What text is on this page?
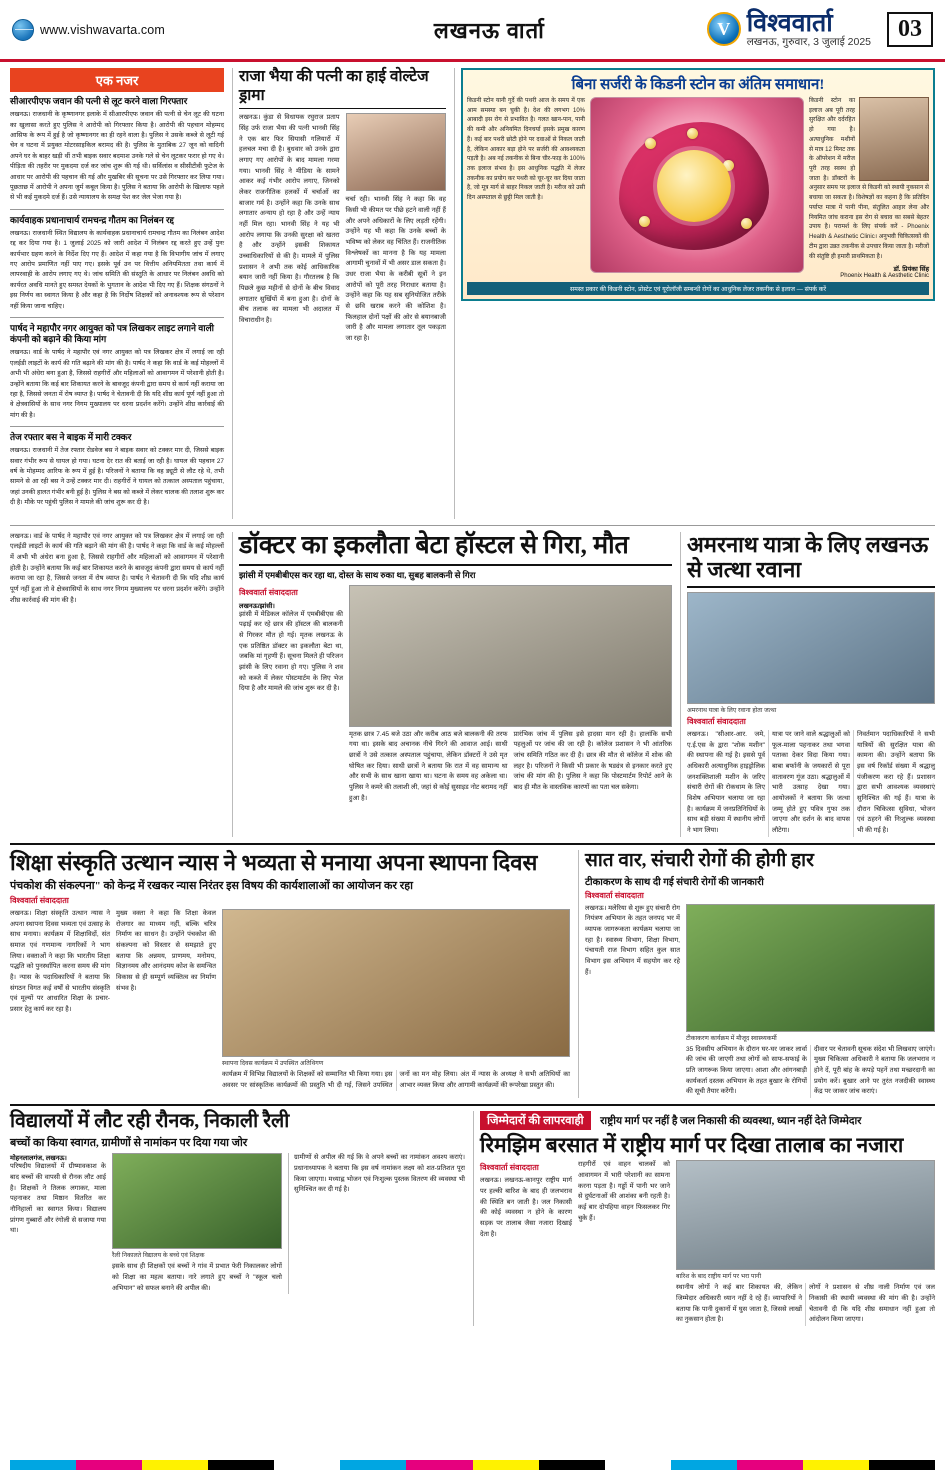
www.vishwavarta.com	लखनऊ वार्ता	V विश्ववार्ता
लखनऊ, गुरुवार, 3 जुलाई 2025
03
एक नजर
सीआरपीएफ जवान की पत्नी से लूट करने वाला गिरफ्तार
लखनऊ। राजधानी के कृष्णानगर इलाके में सीआरपीएफ जवान की पत्नी से चेन लूट की घटना का खुलासा करते हुए पुलिस ने आरोपी को गिरफ्तार किया है। आरोपी की पहचान मोहम्मद आसिफ के रूप में हुई है जो कृष्णानगर का ही रहने वाला है। पुलिस ने उसके कब्जे से लूटी गई चेन व घटना में प्रयुक्त मोटरसाइकिल बरामद की है। पुलिस के मुताबिक 27 जून को वादिनी अपने घर के बाहर खड़ी थीं तभी बाइक सवार बदमाश उनके गले से चेन लूटकर फरार हो गए थे। पीड़िता की तहरीर पर मुकदमा दर्ज कर जांच शुरू की गई थी। सर्विलांस व सीसीटीवी फुटेज के आधार पर आरोपी की पहचान की गई और मुखबिर की सूचना पर उसे गिरफ्तार कर लिया गया। पूछताछ में आरोपी ने अपना जुर्म कबूल किया है। पुलिस ने बताया कि आरोपी के खिलाफ पहले से भी कई मुकदमे दर्ज हैं। उसे न्यायालय के समक्ष पेश कर जेल भेजा गया है।
कार्यवाहक प्रधानाचार्य रामचन्द्र गौतम का निलंबन रद्द
लखनऊ। राजधानी स्थित विद्यालय के कार्यवाहक प्रधानाचार्य रामचन्द्र गौतम का निलंबन आदेश रद्द कर दिया गया है। 1 जुलाई 2025 को जारी आदेश में निलंबन रद्द करते हुए उन्हें पुनः कार्यभार ग्रहण करने के निर्देश दिए गए हैं। आदेश में कहा गया है कि विभागीय जांच में लगाए गए आरोप प्रमाणित नहीं पाए गए। इसके पूर्व उन पर वित्तीय अनियमितता तथा कार्य में लापरवाही के आरोप लगाए गए थे। जांच समिति की संस्तुति के आधार पर निलंबन अवधि को कार्यरत अवधि मानते हुए समस्त देयकों के भुगतान के आदेश भी दिए गए हैं। शिक्षक संगठनों ने इस निर्णय का स्वागत किया है और कहा है कि निर्दोष शिक्षकों को अनावश्यक रूप से परेशान नहीं किया जाना चाहिए।
पार्षद ने महापौर नगर आयुक्त को पत्र लिखकर लाइट लगाने वाली कंपनी को बढ़ाने की किया मांग
लखनऊ। वार्ड के पार्षद ने महापौर एवं नगर आयुक्त को पत्र लिखकर क्षेत्र में लगाई जा रही एलईडी लाइटों के कार्य की गति बढ़ाने की मांग की है। पार्षद ने कहा कि वार्ड के कई मोहल्लों में अभी भी अंधेरा बना हुआ है, जिससे राहगीरों और महिलाओं को आवागमन में परेशानी होती है। उन्होंने बताया कि कई बार शिकायत करने के बावजूद कंपनी द्वारा समय से कार्य नहीं कराया जा रहा है, जिससे जनता में रोष व्याप्त है। पार्षद ने चेतावनी दी कि यदि शीघ्र कार्य पूर्ण नहीं हुआ तो वे क्षेत्रवासियों के साथ नगर निगम मुख्यालय पर धरना प्रदर्शन करेंगे। उन्होंने शीघ्र कार्रवाई की मांग की है।
तेज रफ्तार बस ने बाइक में मारी टक्कर
लखनऊ। राजधानी में तेज रफ्तार रोडवेज बस ने बाइक सवार को टक्कर मार दी, जिससे बाइक सवार गंभीर रूप से घायल हो गया। घटना देर रात की बताई जा रही है। घायल की पहचान 27 वर्ष के मोहम्मद आरिफ के रूप में हुई है। परिजनों ने बताया कि वह ड्यूटी से लौट रहे थे, तभी सामने से आ रही बस ने उन्हें टक्कर मार दी। राहगीरों ने घायल को तत्काल अस्पताल पहुंचाया, जहां उनकी हालत गंभीर बनी हुई है। पुलिस ने बस को कब्जे में लेकर चालक की तलाश शुरू कर दी है। मौके पर पहुंची पुलिस ने मामले की जांच शुरू कर दी है।
राजा भैया की पत्नी का हाई वोल्टेज ड्रामा
लखनऊ। कुंडा से विधायक रघुराज प्रताप सिंह उर्फ राजा भैया की पत्नी भानवी सिंह ने एक बार फिर सियासी गलियारों में हलचल मचा दी है। बुधवार को उनके द्वारा लगाए गए आरोपों के बाद मामला गरमा गया। भानवी सिंह ने मीडिया के सामने आकर कई गंभीर आरोप लगाए, जिनको लेकर राजनीतिक हलकों में चर्चाओं का बाजार गर्म है। उन्होंने कहा कि उनके साथ लगातार अन्याय हो रहा है और उन्हें न्याय नहीं मिल रहा। भानवी सिंह ने यह भी आरोप लगाया कि उनकी सुरक्षा को खतरा है और उन्होंने इसकी शिकायत उच्चाधिकारियों से की है। मामले में पुलिस प्रशासन ने अभी तक कोई आधिकारिक बयान जारी नहीं किया है। गौरतलब है कि पिछले कुछ महीनों से दोनों के बीच विवाद लगातार सुर्खियों में बना हुआ है। दोनों के बीच तलाक का मामला भी अदालत में विचाराधीन है।
चर्चा रही। भानवी सिंह ने कहा कि वह किसी भी कीमत पर पीछे हटने वाली नहीं हैं और अपने अधिकारों के लिए लड़ती रहेंगी। उन्होंने यह भी कहा कि उनके बच्चों के भविष्य को लेकर वह चिंतित हैं। राजनीतिक विश्लेषकों का मानना है कि यह मामला आगामी चुनावों में भी असर डाल सकता है। उधर राजा भैया के करीबी सूत्रों ने इन आरोपों को पूरी तरह निराधार बताया है। उन्होंने कहा कि यह सब सुनियोजित तरीके से छवि खराब करने की कोशिश है। फिलहाल दोनों पक्षों की ओर से बयानबाजी जारी है और मामला लगातार तूल पकड़ता जा रहा है।
बिना सर्जरी के किडनी स्टोन का अंतिम समाधान!
किडनी स्टोन यानी गुर्दे की पथरी आज के समय में एक आम समस्या बन चुकी है। देश की लगभग 10% आबादी इस रोग से प्रभावित है। गलत खान-पान, पानी की कमी और अनियमित दिनचर्या इसके प्रमुख कारण हैं। कई बार पथरी छोटी होने पर दवाओं से निकल जाती है, लेकिन आकार बड़ा होने पर सर्जरी की आवश्यकता पड़ती है। अब नई तकनीक से बिना चीर-फाड़ के 100% तक इलाज संभव है। इस आधुनिक पद्धति में लेजर तकनीक का प्रयोग कर पथरी को चूर-चूर कर दिया जाता है, जो मूत्र मार्ग से बाहर निकल जाती है। मरीज को उसी दिन अस्पताल से छुट्टी मिल जाती है।
किडनी स्टोन का इलाज अब पूरी तरह सुरक्षित और दर्दरहित हो गया है। अत्याधुनिक मशीनों से मात्र 12 मिनट तक के ऑपरेशन में मरीज पूरी तरह स्वस्थ हो जाता है। डॉक्टरों के अनुसार समय पर इलाज से किडनी को स्थायी नुकसान से बचाया जा सकता है। विशेषज्ञों का कहना है कि प्रतिदिन पर्याप्त मात्रा में पानी पीना, संतुलित आहार लेना और नियमित जांच कराना इस रोग से बचाव का सबसे बेहतर उपाय है। परामर्श के लिए संपर्क करें - Phoenix Health & Aesthetic Clinic। अनुभवी चिकित्सकों की टीम द्वारा उन्नत तकनीक से उपचार किया जाता है। मरीजों की संतुष्टि ही हमारी प्राथमिकता है।
डॉ. प्रियंका सिंह
Phoenix Health & Aesthetic Clinic
समस्त प्रकार की किडनी स्टोन, प्रोस्टेट एवं यूरोलॉजी सम्बन्धी रोगों का आधुनिक लेजर तकनीक से इलाज — संपर्क करें
लखनऊ। वार्ड के पार्षद ने महापौर एवं नगर आयुक्त को पत्र लिखकर क्षेत्र में लगाई जा रही एलईडी लाइटों के कार्य की गति बढ़ाने की मांग की है। पार्षद ने कहा कि वार्ड के कई मोहल्लों में अभी भी अंधेरा बना हुआ है, जिससे राहगीरों और महिलाओं को आवागमन में परेशानी होती है। उन्होंने बताया कि कई बार शिकायत करने के बावजूद कंपनी द्वारा समय से कार्य नहीं कराया जा रहा है, जिससे जनता में रोष व्याप्त है। पार्षद ने चेतावनी दी कि यदि शीघ्र कार्य पूर्ण नहीं हुआ तो वे क्षेत्रवासियों के साथ नगर निगम मुख्यालय पर धरना प्रदर्शन करेंगे। उन्होंने शीघ्र कार्रवाई की मांग की है।
डॉक्टर का इकलौता बेटा हॉस्टल से गिरा, मौत
झांसी में एमबीबीएस कर रहा था, दोस्त के साथ रुका था, सुबह बालकनी से गिरा
विश्ववार्ता संवाददाता
लखनऊ/झांसी।
झांसी में मेडिकल कॉलेज में एमबीबीएस की पढ़ाई कर रहे छात्र की हॉस्टल की बालकनी से गिरकर मौत हो गई। मृतक लखनऊ के एक प्रतिष्ठित डॉक्टर का इकलौता बेटा था, जबकि मां गृहणी हैं। सूचना मिलते ही परिजन झांसी के लिए रवाना हो गए। पुलिस ने शव को कब्जे में लेकर पोस्टमार्टम के लिए भेज दिया है और मामले की जांच शुरू कर दी है।
मृतक छात्र 7.45 बजे उठा और करीब आठ बजे बालकनी की तरफ गया था। इसके बाद अचानक नीचे गिरने की आवाज आई। साथी छात्रों ने उसे तत्काल अस्पताल पहुंचाया, लेकिन डॉक्टरों ने उसे मृत घोषित कर दिया। साथी छात्रों ने बताया कि रात में वह सामान्य था और सभी के साथ खाना खाया था। घटना के समय वह अकेला था। पुलिस ने कमरे की तलाशी ली, जहां से कोई सुसाइड नोट बरामद नहीं हुआ है।
प्रारंभिक जांच में पुलिस इसे हादसा मान रही है। हालांकि सभी पहलुओं पर जांच की जा रही है। कॉलेज प्रशासन ने भी आंतरिक जांच समिति गठित कर दी है। छात्र की मौत से कॉलेज में शोक की लहर है। परिजनों ने किसी भी प्रकार के षड्यंत्र से इनकार करते हुए जांच की मांग की है। पुलिस ने कहा कि पोस्टमार्टम रिपोर्ट आने के बाद ही मौत के वास्तविक कारणों का पता चल सकेगा।
अमरनाथ यात्रा के लिए लखनऊ से जत्था रवाना
अमरनाथ यात्रा के लिए रवाना होता जत्था
विश्ववार्ता संवाददाता
लखनऊ। "सीआर-आर. जमे, ए.ई.एस के द्वारा "शोक मशीन" की स्थापना की गई है। इससे पूर्व अधिकारी अत्याधुनिक हाइड्रोलिक जनशक्तिशाली मशीन के जरिए संचारी रोगों की रोकथाम के लिए विशेष अभियान चलाया जा रहा है। कार्यक्रम में जनप्रतिनिधियों के साथ बड़ी संख्या में स्थानीय लोगों ने भाग लिया।
यात्रा पर जाने वाले श्रद्धालुओं को फूल-माला पहनाकर तथा भगवा पताका देकर विदा किया गया। बाबा बर्फानी के जयकारों से पूरा वातावरण गूंज उठा। श्रद्धालुओं में भारी उत्साह देखा गया। आयोजकों ने बताया कि जत्था जम्मू होते हुए पवित्र गुफा तक जाएगा और दर्शन के बाद वापस लौटेगा।
निवर्तमान पदाधिकारियों ने सभी यात्रियों की सुरक्षित यात्रा की कामना की। उन्होंने बताया कि इस वर्ष रिकॉर्ड संख्या में श्रद्धालु पंजीकरण करा रहे हैं। प्रशासन द्वारा सभी आवश्यक व्यवस्थाएं सुनिश्चित की गई हैं। यात्रा के दौरान चिकित्सा सुविधा, भोजन एवं ठहरने की निःशुल्क व्यवस्था भी की गई है।
शिक्षा संस्कृति उत्थान न्यास ने भव्यता से मनाया अपना स्थापना दिवस
पंचकोश की संकल्पना" को केन्द्र में रखकर न्यास निरंतर इस विषय की कार्यशालाओं का आयोजन कर रहा
विश्ववार्ता संवाददाता
लखनऊ। शिक्षा संस्कृति उत्थान न्यास ने अपना स्थापना दिवस भव्यता एवं उत्साह के साथ मनाया। कार्यक्रम में शिक्षाविदों, संत समाज एवं गणमान्य नागरिकों ने भाग लिया। वक्ताओं ने कहा कि भारतीय शिक्षा पद्धति को पुनर्स्थापित करना समय की मांग है। न्यास के पदाधिकारियों ने बताया कि संगठन विगत कई वर्षों से भारतीय संस्कृति एवं मूल्यों पर आधारित शिक्षा के प्रचार-प्रसार हेतु कार्य कर रहा है।
मुख्य वक्ता ने कहा कि शिक्षा केवल रोजगार का माध्यम नहीं, बल्कि चरित्र निर्माण का साधन है। उन्होंने पंचकोश की संकल्पना को विस्तार से समझाते हुए बताया कि अन्नमय, प्राणमय, मनोमय, विज्ञानमय और आनंदमय कोश के समन्वित विकास से ही सम्पूर्ण व्यक्तित्व का निर्माण संभव है।
स्थापना दिवस कार्यक्रम में उपस्थित अतिथिगण
कार्यक्रम में विभिन्न विद्यालयों के शिक्षकों को सम्मानित भी किया गया। इस अवसर पर सांस्कृतिक कार्यक्रमों की प्रस्तुति भी दी गई, जिसने उपस्थित जनों का मन मोह लिया। अंत में न्यास के अध्यक्ष ने सभी अतिथियों का आभार व्यक्त किया और आगामी कार्यक्रमों की रूपरेखा प्रस्तुत की।
सात वार, संचारी रोगों की होगी हार
टीकाकरण के साथ दी गई संचारी रोगों की जानकारी
विश्ववार्ता संवाददाता
लखनऊ। मलेरिया से शुरू हुए संचारी रोग नियंत्रण अभियान के तहत जनपद भर में व्यापक जागरूकता कार्यक्रम चलाया जा रहा है। स्वास्थ्य विभाग, शिक्षा विभाग, पंचायती राज विभाग सहित कुल सात विभाग इस अभियान में सहयोग कर रहे हैं।
टीकाकरण कार्यक्रम में मौजूद स्वास्थ्यकर्मी
35 दिवसीय अभियान के दौरान घर-घर जाकर लार्वा की जांच की जाएगी तथा लोगों को साफ-सफाई के प्रति जागरूक किया जाएगा। आशा और आंगनबाड़ी कार्यकर्ता दस्तक अभियान के तहत बुखार के रोगियों की सूची तैयार करेंगी।
दीवार पर चेतावनी सूचक संदेश भी लिखवाए जाएंगे। मुख्य चिकित्सा अधिकारी ने बताया कि जलभराव न होने दें, पूरी बांह के कपड़े पहनें तथा मच्छरदानी का प्रयोग करें। बुखार आने पर तुरंत नजदीकी स्वास्थ्य केंद्र पर जाकर जांच कराएं।
विद्यालयों में लौट रही रौनक, निकाली रैली
बच्चों का किया स्वागत, ग्रामीणों से नामांकन पर दिया गया जोर
मोहनलालगंज, लखनऊ।
परिषदीय विद्यालयों में ग्रीष्मावकाश के बाद बच्चों की वापसी से रौनक लौट आई है। शिक्षकों ने तिलक लगाकर, माला पहनाकर तथा मिष्ठान वितरित कर नौनिहालों का स्वागत किया। विद्यालय प्रांगण गुब्बारों और रंगोली से सजाया गया था।
रैली निकालते विद्यालय के बच्चे एवं शिक्षक
इसके साथ ही शिक्षकों एवं बच्चों ने गांव में प्रभात फेरी निकालकर लोगों को शिक्षा का महत्व बताया। नारे लगाते हुए बच्चों ने "स्कूल चलो अभियान" को सफल बनाने की अपील की।
ग्रामीणों से अपील की गई कि वे अपने बच्चों का नामांकन अवश्य कराएं। प्रधानाध्यापक ने बताया कि इस वर्ष नामांकन लक्ष्य को शत-प्रतिशत पूरा किया जाएगा। मध्याह्न भोजन एवं निःशुल्क पुस्तक वितरण की व्यवस्था भी सुनिश्चित कर दी गई है।
जिम्मेदारों की लापरवाही राष्ट्रीय मार्ग पर नहीं है जल निकासी की व्यवस्था, ध्यान नहीं देते जिम्मेदार
रिमझिम बरसात में राष्ट्रीय मार्ग पर दिखा तालाब का नजारा
विश्ववार्ता संवाददाता
लखनऊ। लखनऊ-कानपुर राष्ट्रीय मार्ग पर हल्की बारिश के बाद ही जलभराव की स्थिति बन जाती है। जल निकासी की कोई व्यवस्था न होने के कारण सड़क पर तालाब जैसा नजारा दिखाई देता है।
राहगीरों एवं वाहन चालकों को आवागमन में भारी परेशानी का सामना करना पड़ता है। गड्ढों में पानी भर जाने से दुर्घटनाओं की आशंका बनी रहती है। कई बार दोपहिया वाहन फिसलकर गिर चुके हैं।
बारिश के बाद राष्ट्रीय मार्ग पर भरा पानी
स्थानीय लोगों ने कई बार शिकायत की, लेकिन जिम्मेदार अधिकारी ध्यान नहीं दे रहे हैं। व्यापारियों ने बताया कि पानी दुकानों में घुस जाता है, जिससे लाखों का नुकसान होता है।
लोगों ने प्रशासन से शीघ्र नाली निर्माण एवं जल निकासी की स्थायी व्यवस्था की मांग की है। उन्होंने चेतावनी दी कि यदि शीघ्र समाधान नहीं हुआ तो आंदोलन किया जाएगा।
